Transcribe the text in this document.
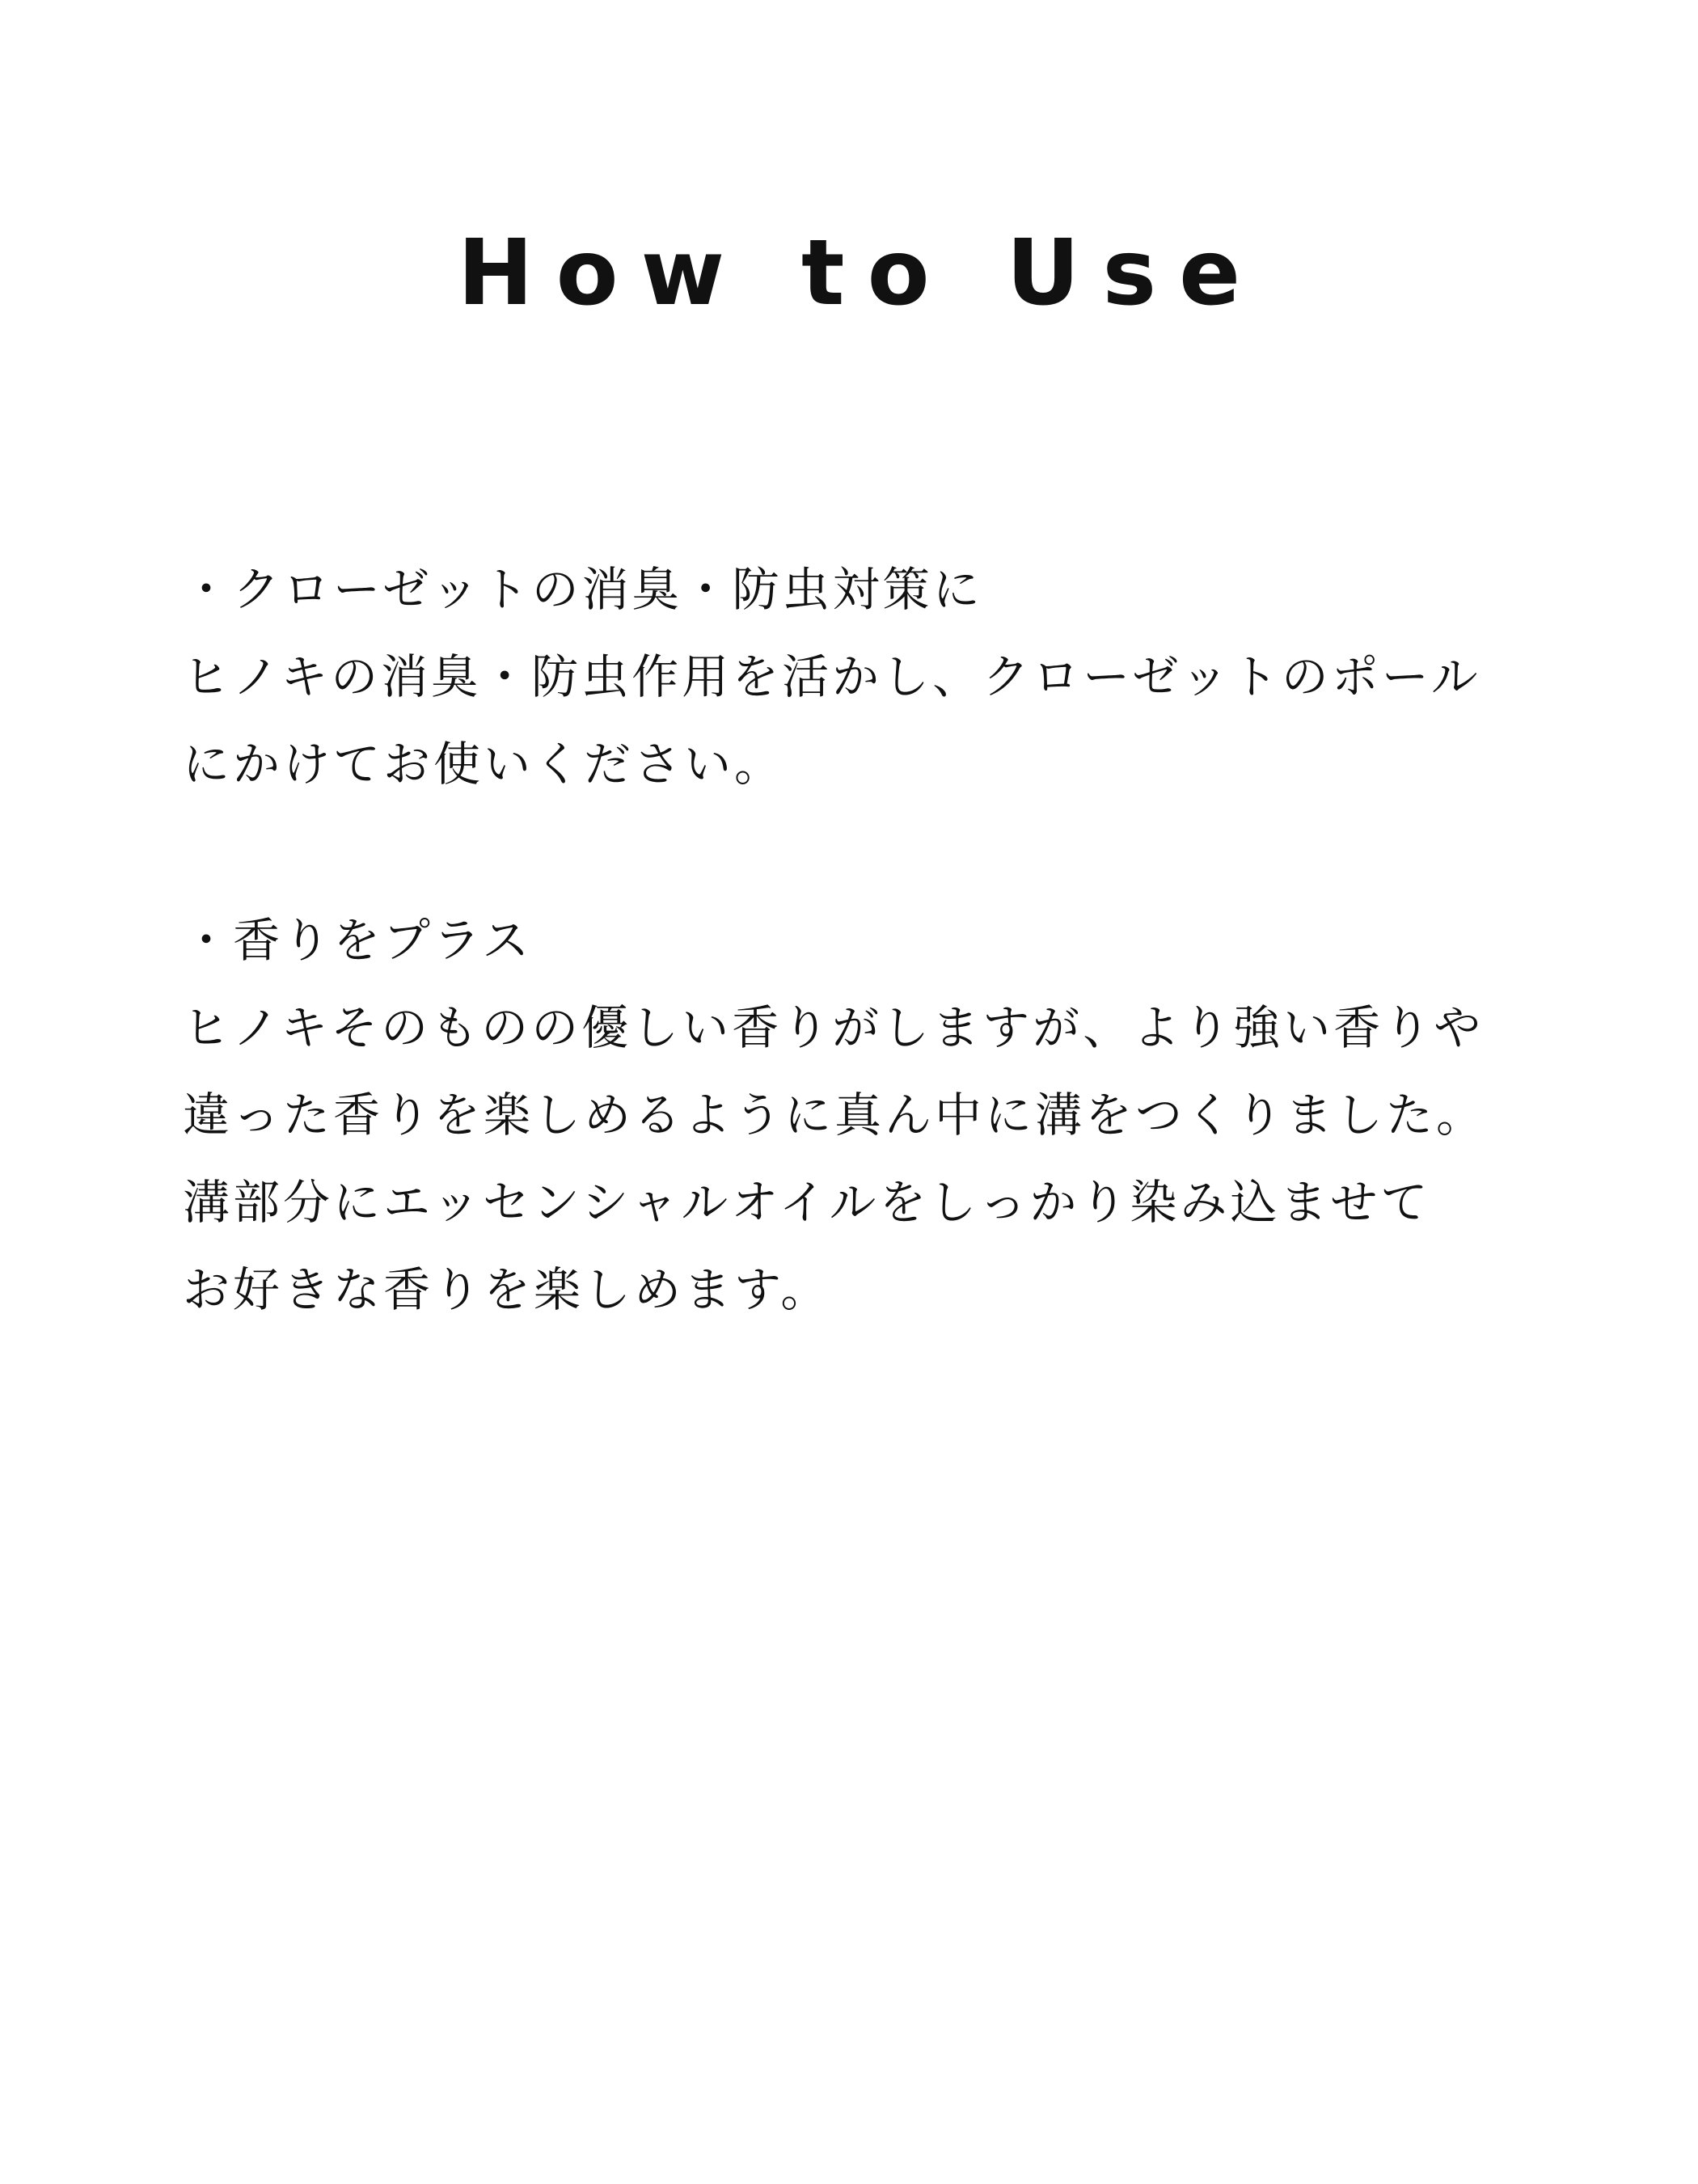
How to Use
・クローゼットの消臭・防虫対策に
ヒノキの消臭・防虫作用を活かし、クローゼットのポール
にかけてお使いください。
・香りをプラス
ヒノキそのものの優しい香りがしますが、より強い香りや
違った香りを楽しめるように真ん中に溝をつくりました。
溝部分にエッセンシャルオイルをしっかり染み込ませて
お好きな香りを楽しめます。
